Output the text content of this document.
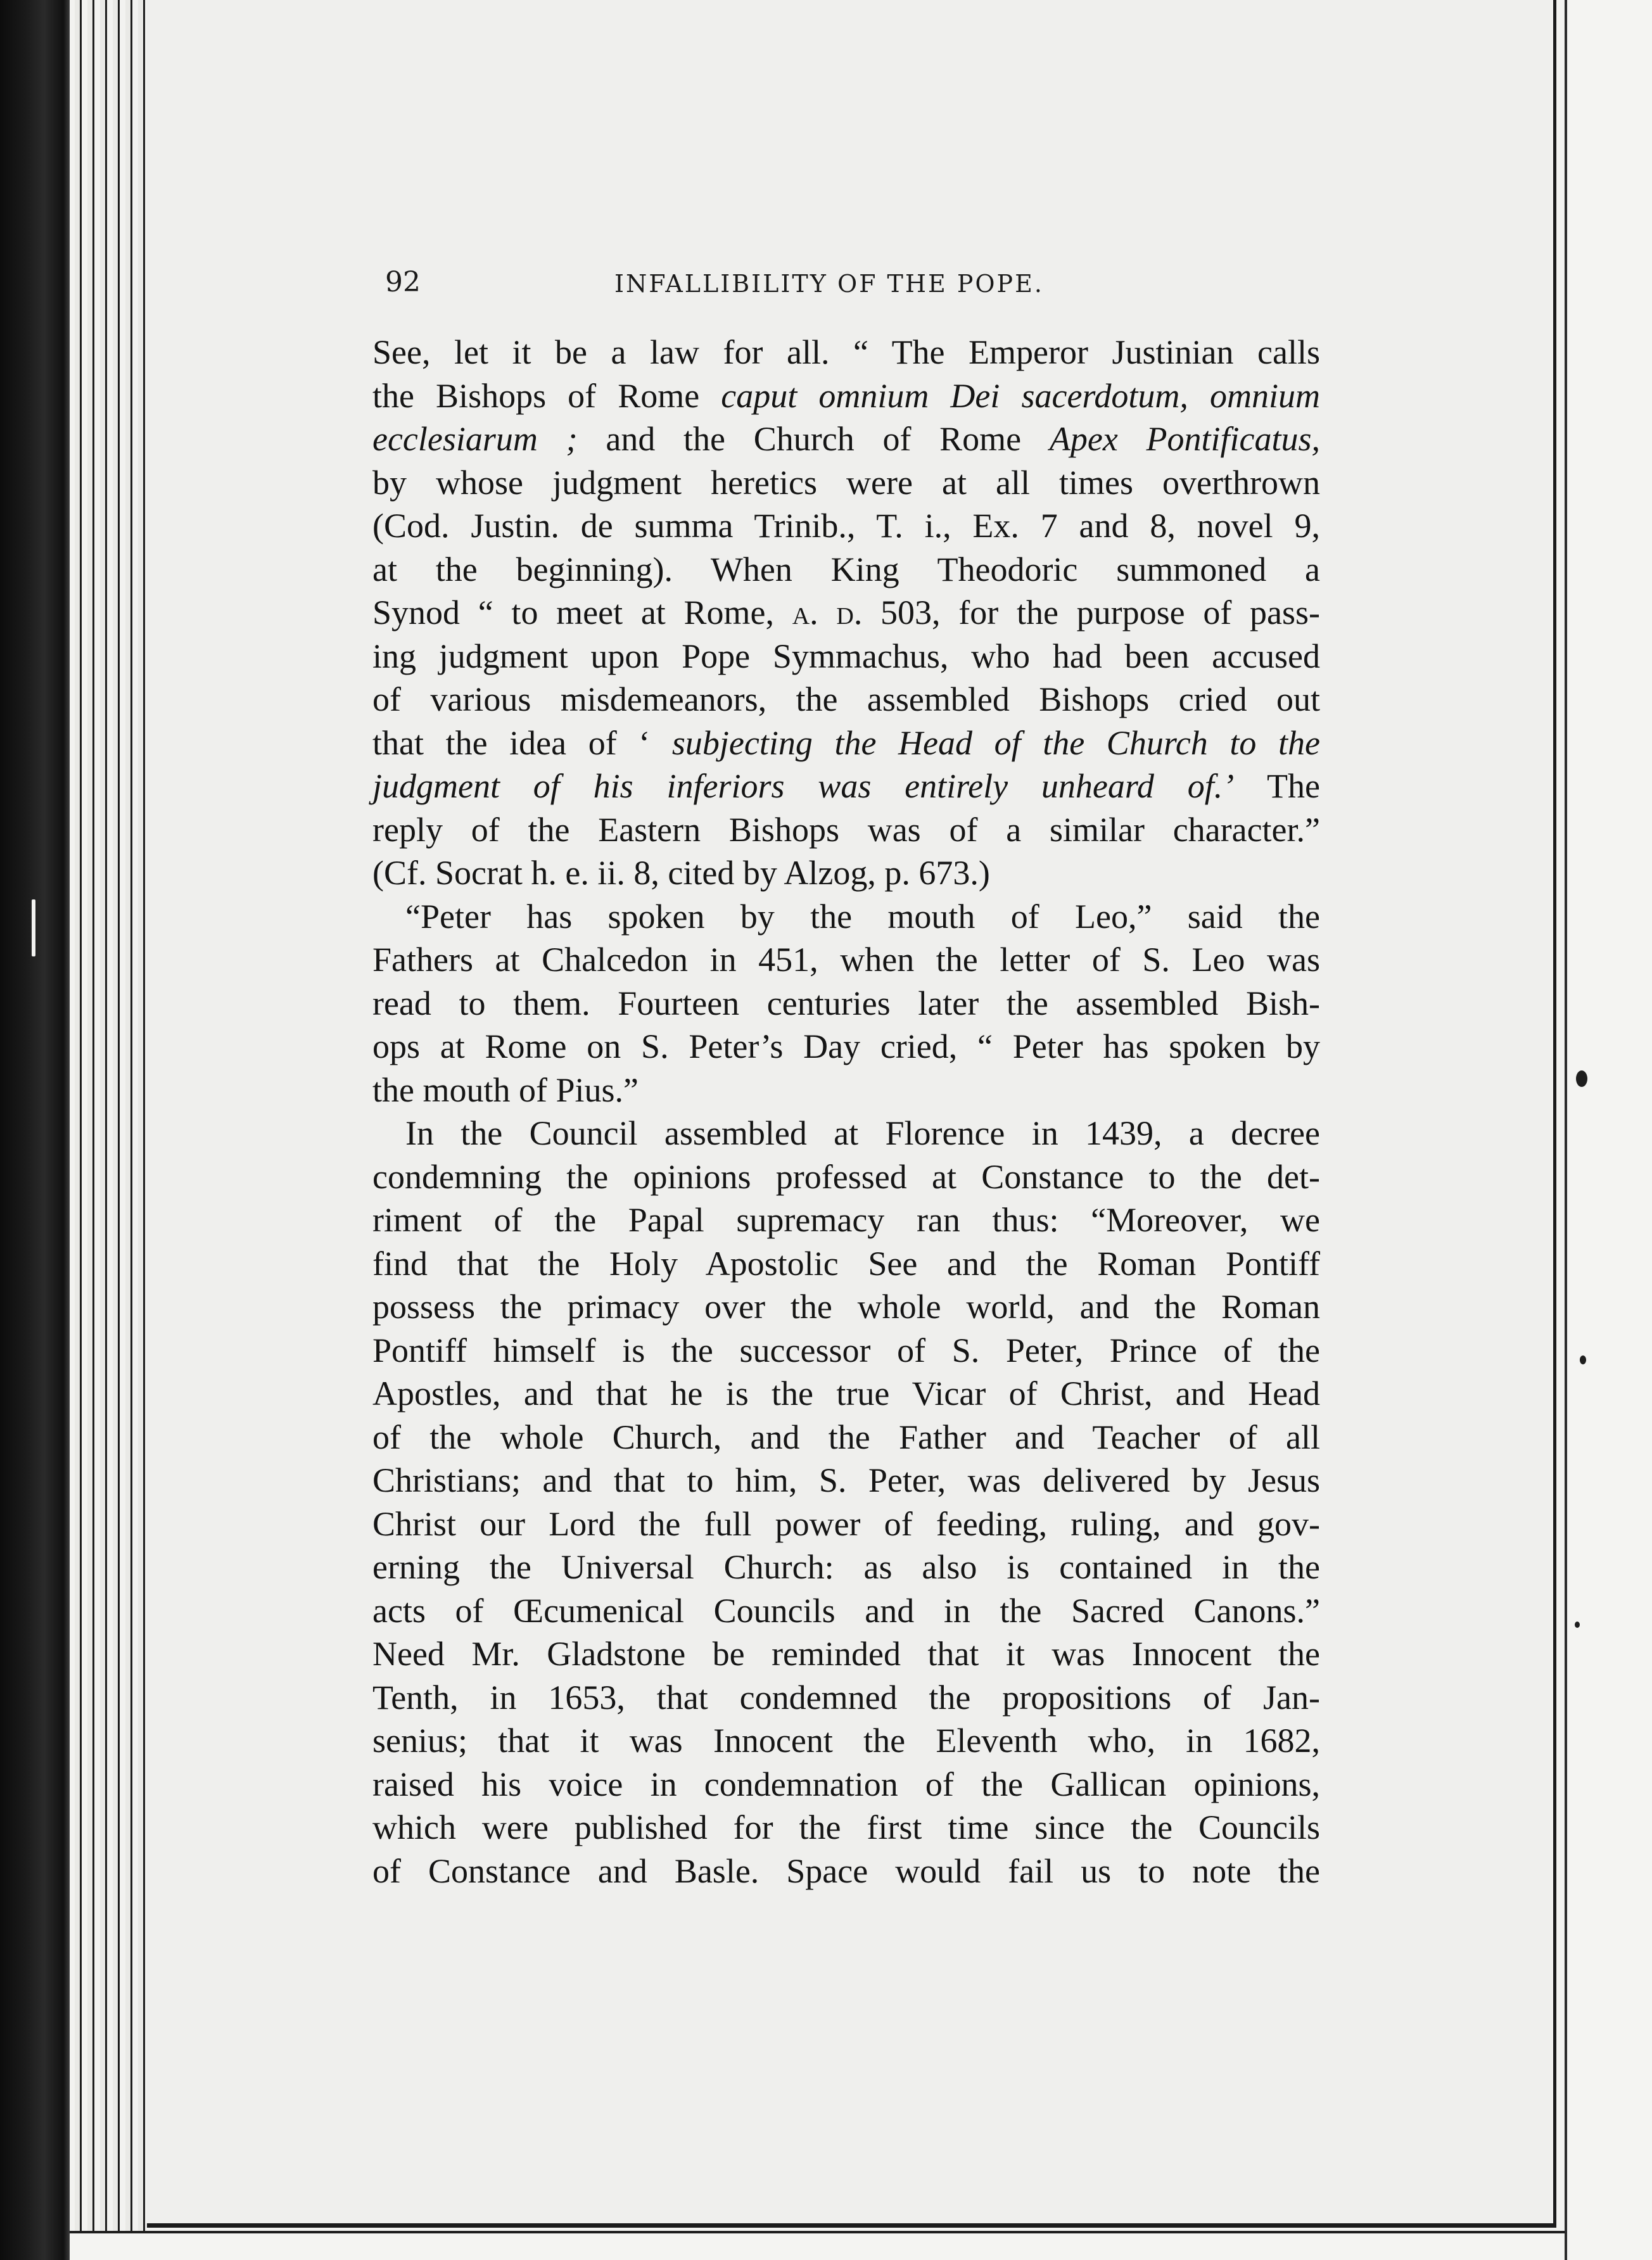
92	INFALLIBILITY OF THE POPE.
See, let it be a law for all. “ The Emperor Justinian calls
the Bishops of Rome caput omnium Dei sacerdotum, omnium
ecclesiarum ; and the Church of Rome Apex Pontificatus,
by whose judgment heretics were at all times overthrown
(Cod. Justin. de summa Trinib., T. i., Ex. 7 and 8, novel 9,
at the beginning). When King Theodoric summoned a
Synod “ to meet at Rome, a. d. 503, for the purpose of pass-
ing judgment upon Pope Symmachus, who had been accused
of various misdemeanors, the assembled Bishops cried out
that the idea of ‘ subjecting the Head of the Church to the
judgment of his inferiors was entirely unheard of.’ The
reply of the Eastern Bishops was of a similar character.”
(Cf. Socrat h. e. ii. 8, cited by Alzog, p. 673.)
“Peter has spoken by the mouth of Leo,” said the
Fathers at Chalcedon in 451, when the letter of S. Leo was
read to them. Fourteen centuries later the assembled Bish-
ops at Rome on S. Peter’s Day cried, “ Peter has spoken by
the mouth of Pius.”
In the Council assembled at Florence in 1439, a decree
condemning the opinions professed at Constance to the det-
riment of the Papal supremacy ran thus: “Moreover, we
find that the Holy Apostolic See and the Roman Pontiff
possess the primacy over the whole world, and the Roman
Pontiff himself is the successor of S. Peter, Prince of the
Apostles, and that he is the true Vicar of Christ, and Head
of the whole Church, and the Father and Teacher of all
Christians; and that to him, S. Peter, was delivered by Jesus
Christ our Lord the full power of feeding, ruling, and gov-
erning the Universal Church: as also is contained in the
acts of Œcumenical Councils and in the Sacred Canons.”
Need Mr. Gladstone be reminded that it was Innocent the
Tenth, in 1653, that condemned the propositions of Jan-
senius; that it was Innocent the Eleventh who, in 1682,
raised his voice in condemnation of the Gallican opinions,
which were published for the first time since the Councils
of Constance and Basle. Space would fail us to note the
